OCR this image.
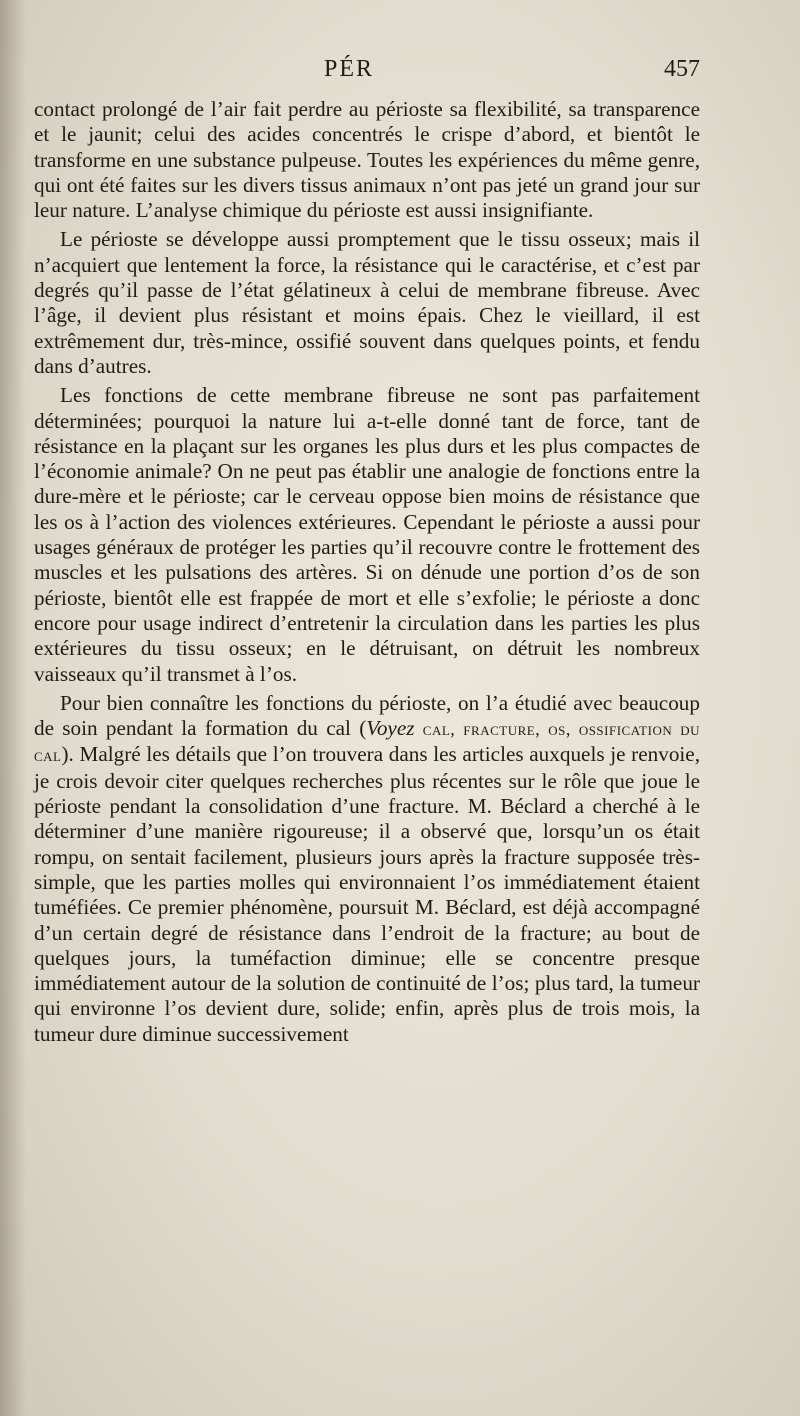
PÉR	457

contact prolongé de l’air fait perdre au périoste sa flexibilité, sa transparence et le jaunit; celui des acides concentrés le crispe d’abord, et bientôt le transforme en une substance pulpeuse. Toutes les expériences du même genre, qui ont été faites sur les divers tissus animaux n’ont pas jeté un grand jour sur leur nature. L’analyse chimique du périoste est aussi insignifiante.

Le périoste se développe aussi promptement que le tissu osseux; mais il n’acquiert que lentement la force, la résistance qui le caractérise, et c’est par degrés qu’il passe de l’état gélatineux à celui de membrane fibreuse. Avec l’âge, il devient plus résistant et moins épais. Chez le vieillard, il est extrêmement dur, très-mince, ossifié souvent dans quelques points, et fendu dans d’autres.

Les fonctions de cette membrane fibreuse ne sont pas parfaitement déterminées; pourquoi la nature lui a-t-elle donné tant de force, tant de résistance en la plaçant sur les organes les plus durs et les plus compactes de l’économie animale? On ne peut pas établir une analogie de fonctions entre la dure-mère et le périoste; car le cerveau oppose bien moins de résistance que les os à l’action des violences extérieures. Cependant le périoste a aussi pour usages généraux de protéger les parties qu’il recouvre contre le frottement des muscles et les pulsations des artères. Si on dénude une portion d’os de son périoste, bientôt elle est frappée de mort et elle s’exfolie; le périoste a donc encore pour usage indirect d’entretenir la circulation dans les parties les plus extérieures du tissu osseux; en le détruisant, on détruit les nombreux vaisseaux qu’il transmet à l’os.

Pour bien connaître les fonctions du périoste, on l’a étudié avec beaucoup de soin pendant la formation du cal (Voyez cal, fracture, os, ossification du cal). Malgré les détails que l’on trouvera dans les articles auxquels je renvoie, je crois devoir citer quelques recherches plus récentes sur le rôle que joue le périoste pendant la consolidation d’une fracture. M. Béclard a cherché à le déterminer d’une manière rigoureuse; il a observé que, lorsqu’un os était rompu, on sentait facilement, plusieurs jours après la fracture supposée très-simple, que les parties molles qui environnaient l’os immédiatement étaient tuméfiées. Ce premier phénomène, poursuit M. Béclard, est déjà accompagné d’un certain degré de résistance dans l’endroit de la fracture; au bout de quelques jours, la tuméfaction diminue; elle se concentre presque immédiatement autour de la solution de continuité de l’os; plus tard, la tumeur qui environne l’os devient dure, solide; enfin, après plus de trois mois, la tumeur dure diminue successivement
